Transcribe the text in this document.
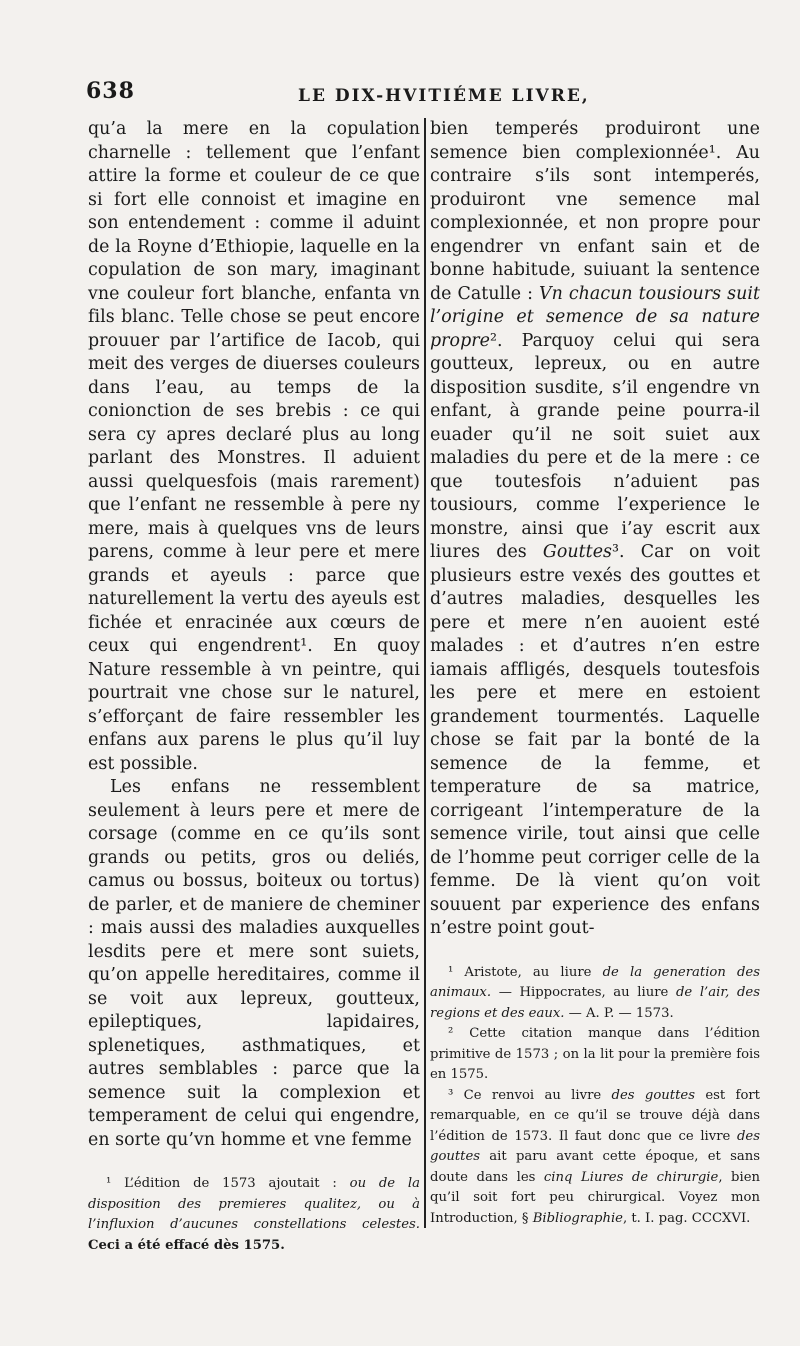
638	LE DIX-HVITIÉME LIVRE,

qu’a la mere en la copulation charnelle : tellement que l’enfant attire la forme et couleur de ce que si fort elle connoist et imagine en son entendement : comme il aduint de la Royne d’Ethiopie, laquelle en la copulation de son mary, imaginant vne couleur fort blanche, enfanta vn fils blanc. Telle chose se peut encore prouuer par l’artifice de Iacob, qui meit des verges de diuerses couleurs dans l’eau, au temps de la conionction de ses brebis : ce qui sera cy apres declaré plus au long parlant des Monstres. Il aduient aussi quelquesfois (mais rarement) que l’enfant ne ressemble à pere ny mere, mais à quelques vns de leurs parens, comme à leur pere et mere grands et ayeuls : parce que naturellement la vertu des ayeuls est fichée et enracinée aux cœurs de ceux qui engendrent¹. En quoy Nature ressemble à vn peintre, qui pourtrait vne chose sur le naturel, s’efforçant de faire ressembler les enfans aux parens le plus qu’il luy est possible.

Les enfans ne ressemblent seulement à leurs pere et mere de corsage (comme en ce qu’ils sont grands ou petits, gros ou deliés, camus ou bossus, boiteux ou tortus) de parler, et de maniere de cheminer : mais aussi des maladies auxquelles lesdits pere et mere sont suiets, qu’on appelle hereditaires, comme il se voit aux lepreux, goutteux, epileptiques, lapidaires, splenetiques, asthmatiques, et autres semblables : parce que la semence suit la complexion et temperament de celui qui engendre, en sorte qu’vn homme et vne femme

¹ L’édition de 1573 ajoutait : ou de la disposition des premieres qualitez, ou à l’influxion d’aucunes constellations celestes. Ceci a été effacé dès 1575.

bien temperés produiront une semence bien complexionnée¹. Au contraire s’ils sont intemperés, produiront vne semence mal complexionnée, et non propre pour engendrer vn enfant sain et de bonne habitude, suiuant la sentence de Catulle : Vn chacun tousiours suit l’origine et semence de sa nature propre². Parquoy celui qui sera goutteux, lepreux, ou en autre disposition susdite, s’il engendre vn enfant, à grande peine pourra-il euader qu’il ne soit suiet aux maladies du pere et de la mere : ce que toutesfois n’aduient pas tousiours, comme l’experience le monstre, ainsi que i’ay escrit aux liures des Gouttes³. Car on voit plusieurs estre vexés des gouttes et d’autres maladies, desquelles les pere et mere n’en auoient esté malades : et d’autres n’en estre iamais affligés, desquels toutesfois les pere et mere en estoient grandement tourmentés. Laquelle chose se fait par la bonté de la semence de la femme, et temperature de sa matrice, corrigeant l’intemperature de la semence virile, tout ainsi que celle de l’homme peut corriger celle de la femme. De là vient qu’on voit souuent par experience des enfans n’estre point gout-

¹ Aristote, au liure de la generation des animaux. — Hippocrates, au liure de l’air, des regions et des eaux. — A. P. — 1573.

² Cette citation manque dans l’édition primitive de 1573 ; on la lit pour la première fois en 1575.

³ Ce renvoi au livre des gouttes est fort remarquable, en ce qu’il se trouve déjà dans l’édition de 1573. Il faut donc que ce livre des gouttes ait paru avant cette époque, et sans doute dans les cinq Liures de chirurgie, bien qu’il soit fort peu chirurgical. Voyez mon Introduction, § Bibliographie, t. I. pag. CCCXVI.
